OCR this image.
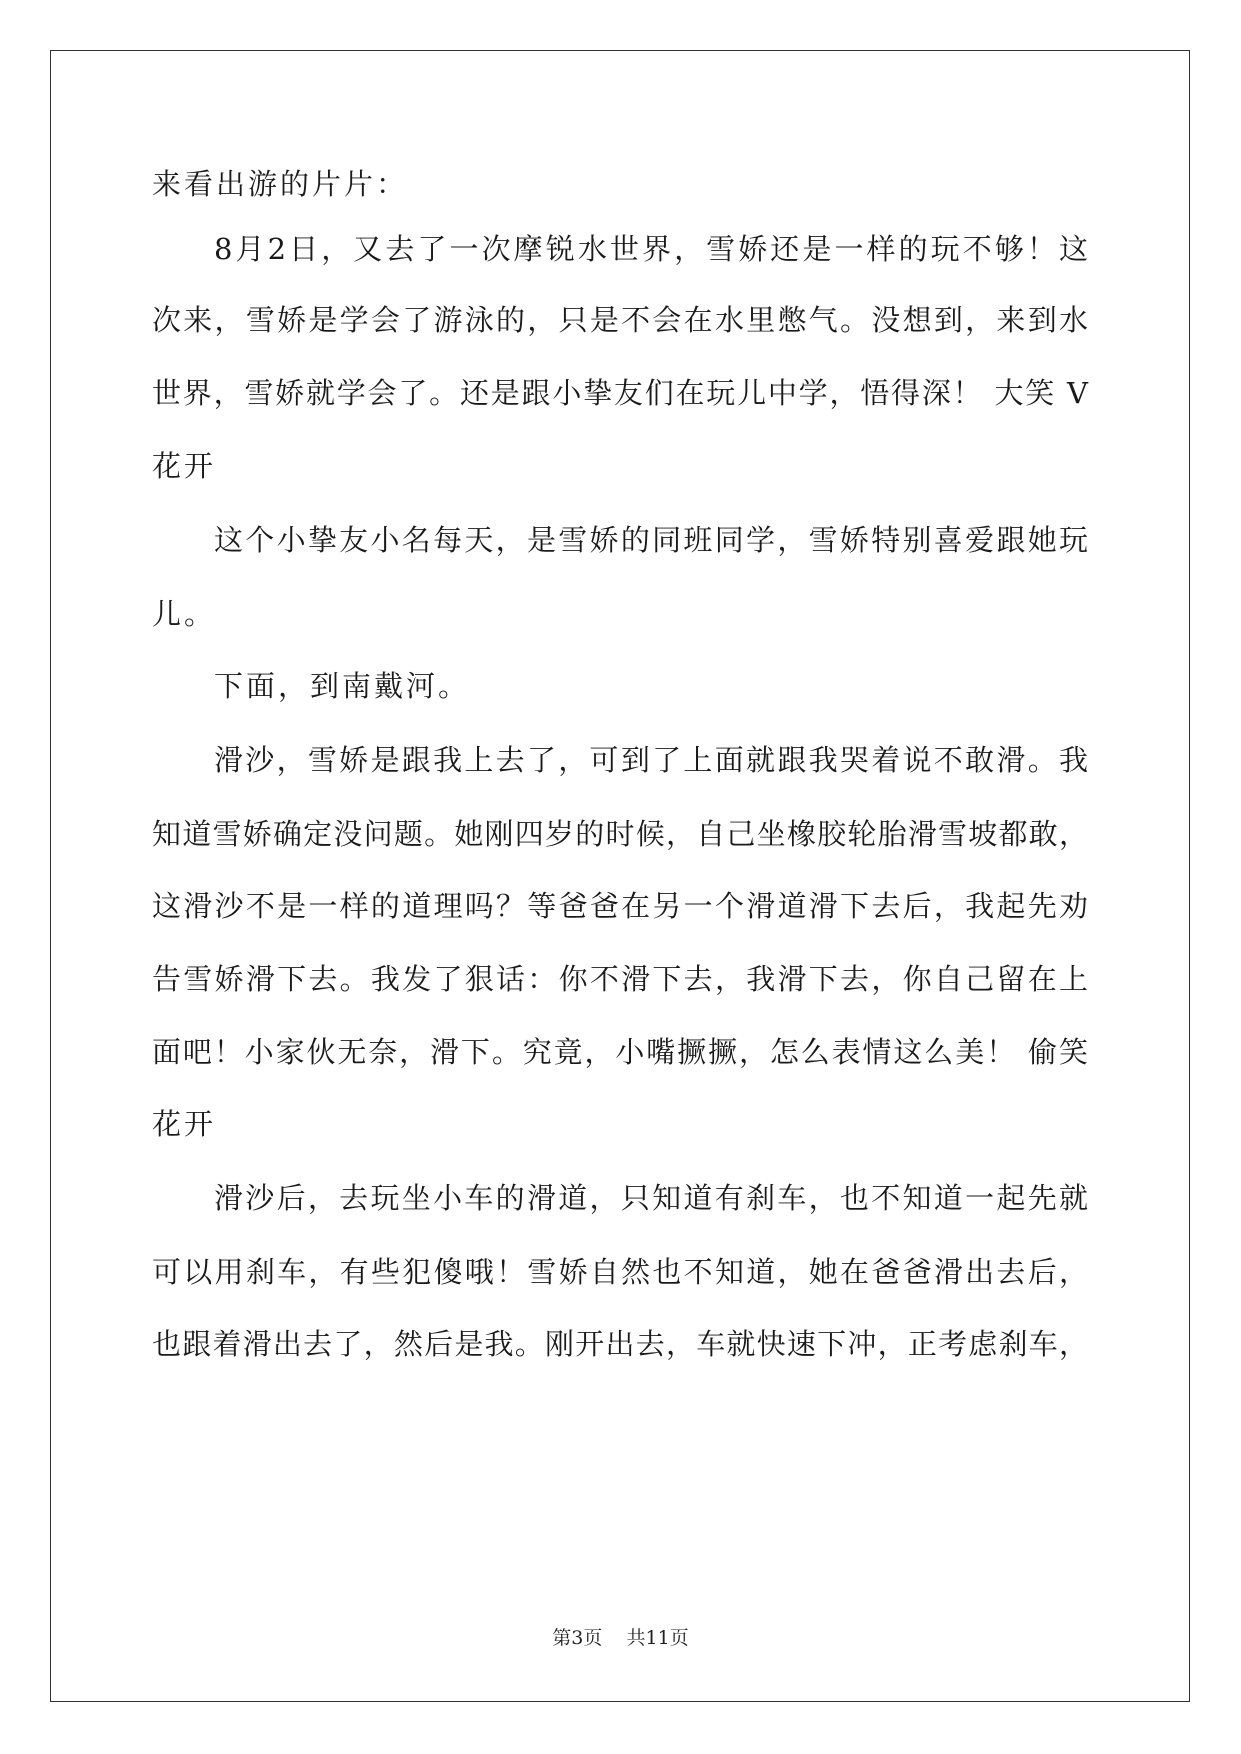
来看出游的片片：
8月2日，又去了一次摩锐水世界，雪娇还是一样的玩不够！这
次来，雪娇是学会了游泳的，只是不会在水里憋气。没想到，来到水
世界，雪娇就学会了。还是跟小挚友们在玩儿中学，悟得深！ 大笑 V
花开
这个小挚友小名每天，是雪娇的同班同学，雪娇特别喜爱跟她玩
儿。
下面，到南戴河。
滑沙，雪娇是跟我上去了，可到了上面就跟我哭着说不敢滑。我
知道雪娇确定没问题。她刚四岁的时候，自己坐橡胶轮胎滑雪坡都敢，
这滑沙不是一样的道理吗？等爸爸在另一个滑道滑下去后，我起先劝
告雪娇滑下去。我发了狠话：你不滑下去，我滑下去，你自己留在上
面吧！小家伙无奈，滑下。究竟，小嘴撅撅，怎么表情这么美！ 偷笑
花开
滑沙后，去玩坐小车的滑道，只知道有刹车，也不知道一起先就
可以用刹车，有些犯傻哦！雪娇自然也不知道，她在爸爸滑出去后，
也跟着滑出去了，然后是我。刚开出去，车就快速下冲，正考虑刹车，
第3页    共11页
